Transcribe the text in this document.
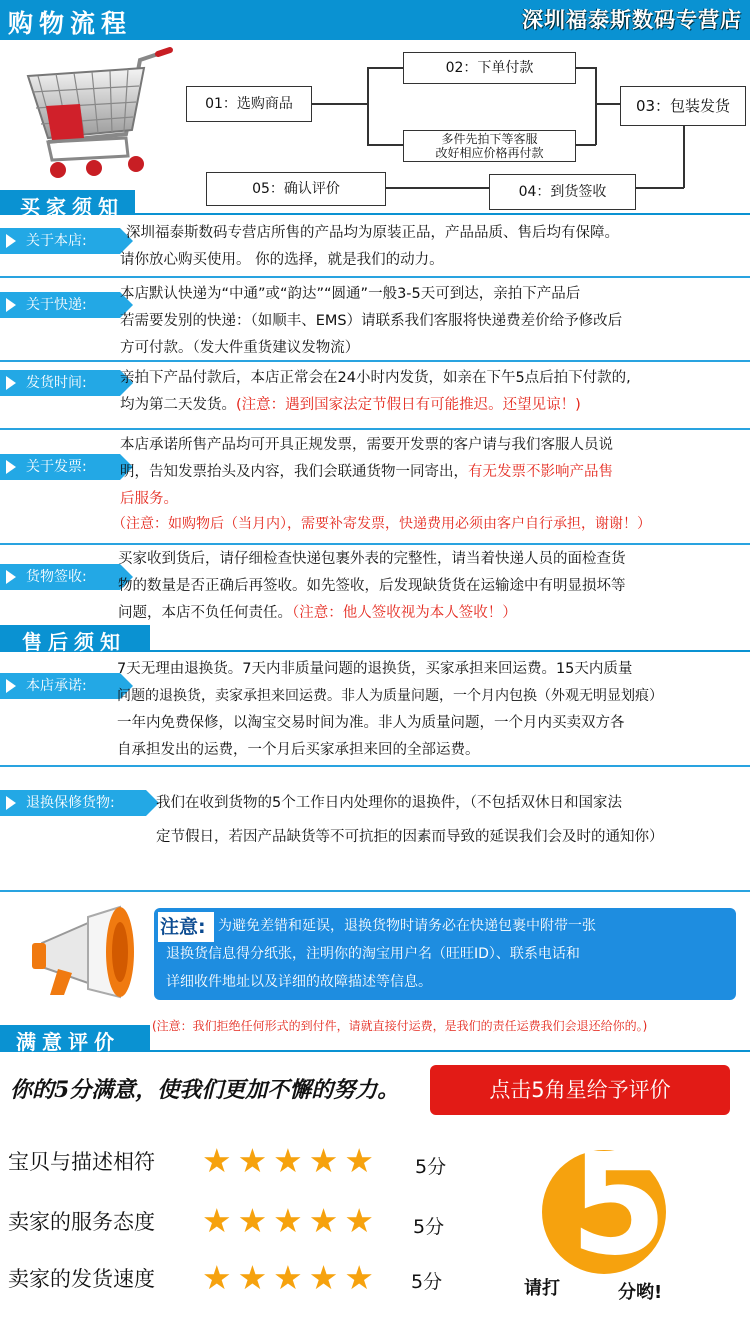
购物流程	深圳福泰斯数码专营店
01：选购商品
02：下单付款
多件先拍下等客服
改好相应价格再付款
03：包装发货
04：到货签收
05：确认评价
买家须知
关于本店:	深圳福泰斯数码专营店所售的产品均为原装正品，产品品质、售后均有保障。
请你放心购买使用。 你的选择，就是我们的动力。
关于快递:
本店默认快递为“中通”或“韵达”“圆通”一般3-5天可到达，亲拍下产品后
若需要发别的快递：（如顺丰、EMS）请联系我们客服将快递费差价给予修改后
方可付款。（发大件重货建议发物流）
发货时间:	亲拍下产品付款后，本店正常会在24小时内发货，如亲在下午5点后拍下付款的,
均为第二天发货。(注意：遇到国家法定节假日有可能推迟。还望见谅！)
关于发票:
本店承诺所售产品均可开具正规发票，需要开发票的客户请与我们客服人员说
明，告知发票抬头及内容，我们会联通货物一同寄出，有无发票不影响产品售
后服务。
（注意：如购物后（当月内），需要补寄发票，快递费用必须由客户自行承担，谢谢！）
货物签收:
买家收到货后，请仔细检查快递包裹外表的完整性，请当着快递人员的面检查货
物的数量是否正确后再签收。如先签收，后发现缺货货在运输途中有明显损坏等
问题，本店不负任何责任。（注意：他人签收视为本人签收！）
售后须知
本店承诺:
7天无理由退换货。7天内非质量问题的退换货，买家承担来回运费。15天内质量
问题的退换货，卖家承担来回运费。非人为质量问题，一个月内包换（外观无明显划痕）
一年内免费保修，以淘宝交易时间为准。非人为质量问题，一个月内买卖双方各
自承担发出的运费，一个月后买家承担来回的全部运费。
退换保修货物:	我们在收到货物的5个工作日内处理你的退换件，（不包括双休日和国家法
定节假日，若因产品缺货等不可抗拒的因素而导致的延误我们会及时的通知你）
注意: 为避免差错和延误，退换货物时请务必在快递包裹中附带一张
退换货信息得分纸张，注明你的淘宝用户名（旺旺ID）、联系电话和
详细收件地址以及详细的故障描述等信息。
满意评价
(注意：我们拒绝任何形式的到付件，请就直接付运费，是我们的责任运费我们会退还给你的。)
你的5分满意，使我们更加不懈的努力。	点击5角星给予评价
宝贝与描述相符 ★★★★★ 5分
卖家的服务态度 ★★★★★ 5分
卖家的发货速度 ★★★★★ 5分 5
请打	分哟!
